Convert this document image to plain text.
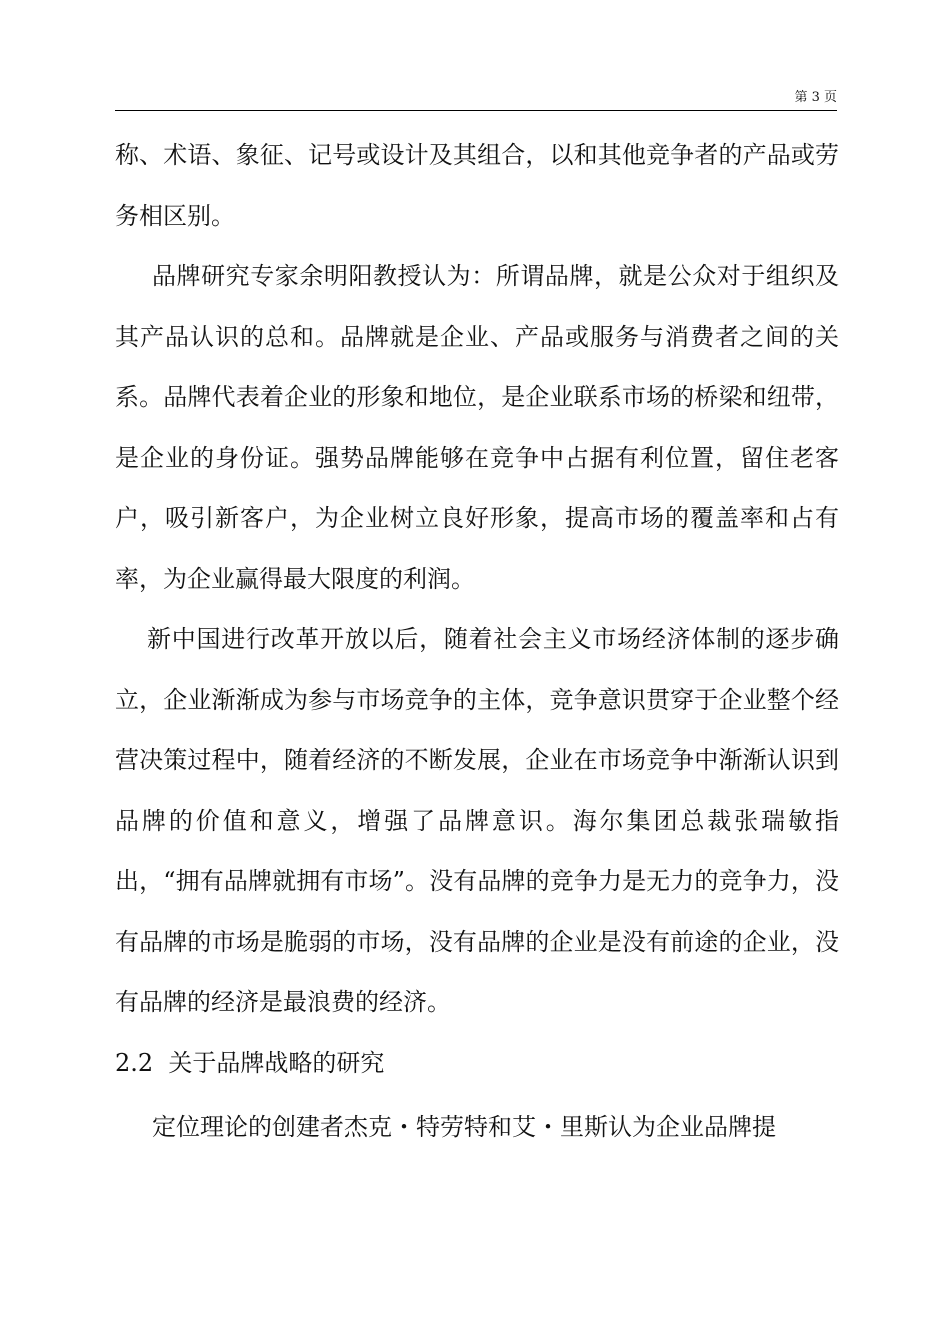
第 3 页

称、术语、象征、记号或设计及其组合，以和其他竞争者的产品或劳务相区别。

品牌研究专家余明阳教授认为：所谓品牌，就是公众对于组织及其产品认识的总和。品牌就是企业、产品或服务与消费者之间的关系。品牌代表着企业的形象和地位，是企业联系市场的桥梁和纽带，是企业的身份证。强势品牌能够在竞争中占据有利位置，留住老客户，吸引新客户，为企业树立良好形象，提高市场的覆盖率和占有率，为企业赢得最大限度的利润。

新中国进行改革开放以后，随着社会主义市场经济体制的逐步确立，企业渐渐成为参与市场竞争的主体，竞争意识贯穿于企业整个经营决策过程中，随着经济的不断发展，企业在市场竞争中渐渐认识到品牌的价值和意义，增强了品牌意识。海尔集团总裁张瑞敏指出，“拥有品牌就拥有市场”。没有品牌的竞争力是无力的竞争力，没有品牌的市场是脆弱的市场，没有品牌的企业是没有前途的企业，没有品牌的经济是最浪费的经济。

2.2  关于品牌战略的研究

定位理论的创建者杰克・特劳特和艾・里斯认为企业品牌提
